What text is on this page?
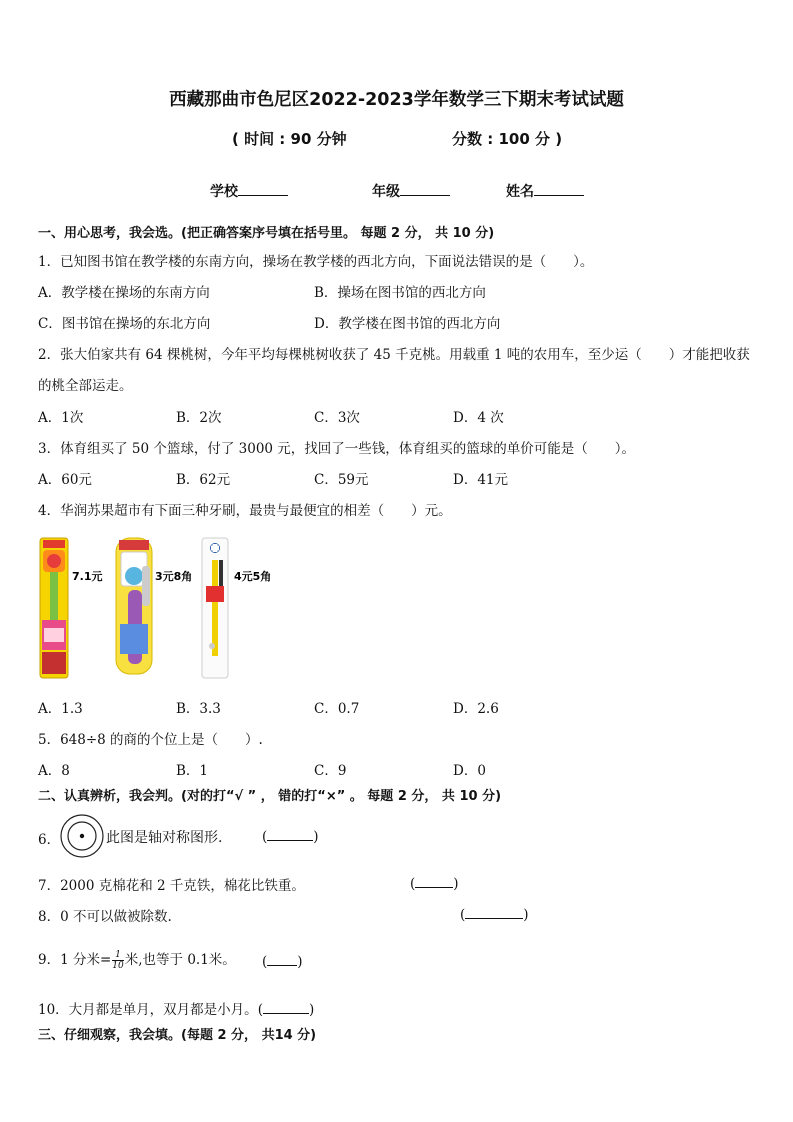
西藏那曲市色尼区2022-2023学年数学三下期末考试试题
( 时间 : 90 分钟	分数 : 100 分 )
学校	年级	姓名
一、用心思考，我会选。(把正确答案序号填在括号里。 每题 2 分， 共 10 分)
1．已知图书馆在教学楼的东南方向，操场在教学楼的西北方向，下面说法错误的是（　　）。
A．教学楼在操场的东南方向	B．操场在图书馆的西北方向
C．图书馆在操场的东北方向	D．教学楼在图书馆的西北方向
2．张大伯家共有 64 棵桃树，今年平均每棵桃树收获了 45 千克桃。用载重 1 吨的农用车，至少运（　　）才能把收获
的桃全部运走。
A．1次	B．2次	C．3次	D．4 次
3．体育组买了 50 个篮球，付了 3000 元，找回了一些钱，体育组买的篮球的单价可能是（　　）。
A．60元	B．62元	C．59元	D．41元
4．华润苏果超市有下面三种牙刷，最贵与最便宜的相差（　　）元。
7.1元	3元8角	4元5角
A．1.3	B．3.3	C．0.7	D．2.6
5．648÷8 的商的个位上是（　　）.
A．8	B．1	C．9	D．0
二、认真辨析，我会判。(对的打“√ ” ， 错的打“×” 。 每题 2 分， 共 10 分)
6．	此图是轴对称图形.	(	)
7．2000 克棉花和 2 千克铁，棉花比铁重。	(	)
8．0 不可以做被除数.	(	)
9．1 分米= $\frac{1}{10}$ 米,也等于 0.1米。 ( )
10．大月都是单月，双月都是小月。(	)
三、仔细观察，我会填。(每题 2 分， 共14 分)
